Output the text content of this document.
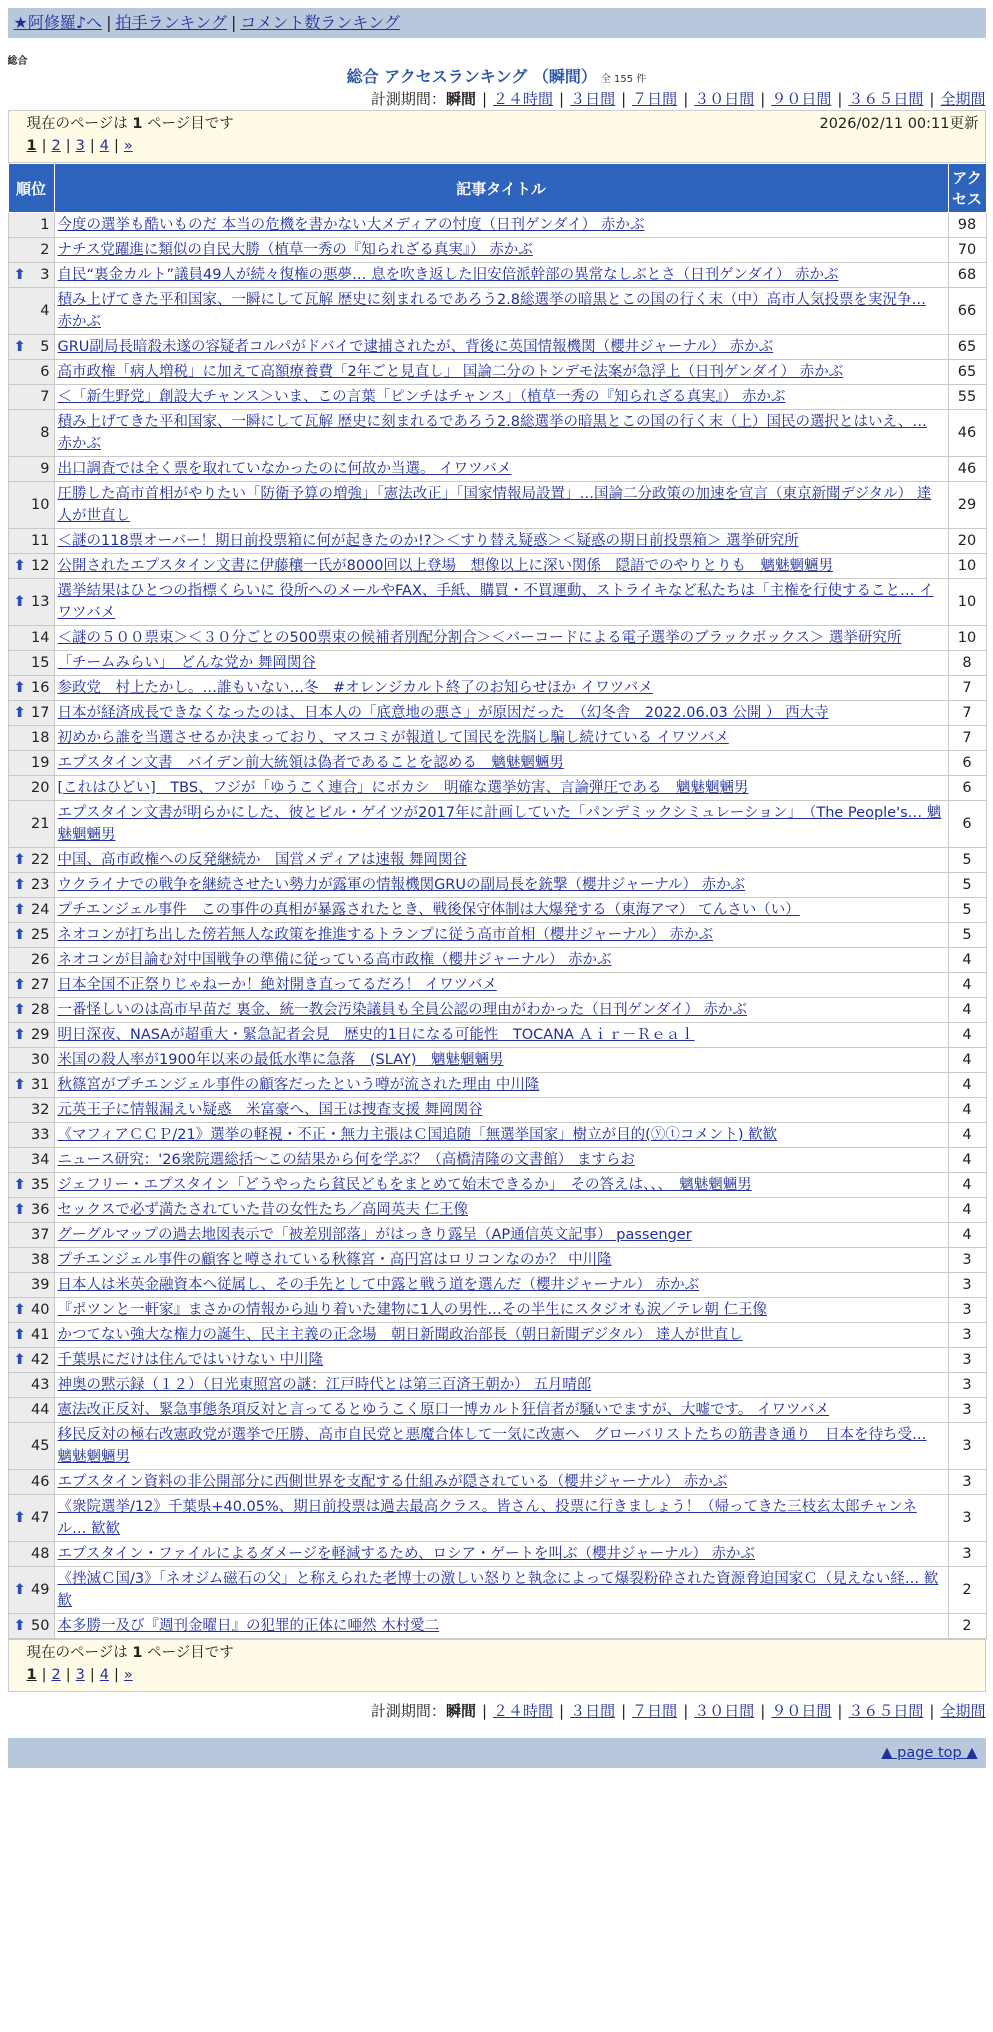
★阿修羅♪へ | 拍手ランキング | コメント数ランキング
総合
総合 アクセスランキング （瞬間） 全 155 件
計測期間：瞬間 | ２４時間 | ３日間 | ７日間 | ３０日間 | ９０日間 | ３６５日間 | 全期間
現在のページは 1 ページ目です	2026/02/11 00:11更新
1 | 2 | 3 | 4 | »
順位	記事タイトル	アクセス
1	今度の選挙も酷いものだ 本当の危機を書かない大メディアの忖度（日刊ゲンダイ） 赤かぶ	98
2	ナチス党躍進に類似の自民大勝（植草一秀の『知られざる真実』） 赤かぶ	70

⬆ 3	自民“裏金カルト”議員49人が続々復権の悪夢… 息を吹き返した旧安倍派幹部の異常なしぶとさ（日刊ゲンダイ） 赤かぶ	68
4	積み上げてきた平和国家、一瞬にして瓦解 歴史に刻まれるであろう2.8総選挙の暗黒とこの国の行く末（中）高市人気投票を実況争… 赤かぶ	66

⬆ 5	GRU副局長暗殺未遂の容疑者コルパがドバイで逮捕されたが、背後に英国情報機関（櫻井ジャーナル） 赤かぶ	65
6	高市政権「病人増税」に加えて高額療養費「2年ごと見直し」 国論二分のトンデモ法案が急浮上（日刊ゲンダイ） 赤かぶ	65
7	＜「新生野党」創設大チャンス＞いま、この言葉「ピンチはチャンス」（植草一秀の『知られざる真実』） 赤かぶ	55
8	積み上げてきた平和国家、一瞬にして瓦解 歴史に刻まれるであろう2.8総選挙の暗黒とこの国の行く末（上）国民の選択とはいえ、… 赤かぶ	46
9	出口調査では全く票を取れていなかったのに何故か当選。 イワツバメ	46
10	圧勝した高市首相がやりたい「防衛予算の増強」「憲法改正」「国家情報局設置」…国論二分政策の加速を宣言（東京新聞デジタル） 達人が世直し	29
11	＜謎の118票オーバー！期日前投票箱に何が起きたのか!?＞＜すり替え疑惑＞＜疑惑の期日前投票箱＞ 選挙研究所	20

⬆ 12	公開されたエプスタイン文書に伊藤穰一氏が8000回以上登場　想像以上に深い関係　隠語でのやりとりも　魑魅魍魎男	10

⬆ 13	選挙結果はひとつの指標くらいに 役所へのメールやFAX、手紙、購買・不買運動、ストライキなど私たちは「主権を行使すること… イワツバメ	10
14	＜謎の５００票束＞＜３０分ごとの500票束の候補者別配分割合＞＜バーコードによる電子選挙のブラックボックス＞ 選挙研究所	10
15	「チームみらい」　どんな党か 舞岡関谷	8

⬆ 16	参政党　村上たかし。…誰もいない…冬　#オレンジカルト終了のお知らせほか イワツバメ	7

⬆ 17	日本が経済成長できなくなったのは、日本人の「底意地の悪さ」が原因だった　（幻冬舎　2022.06.03 公開 ） 西大寺	7
18	初めから誰を当選させるか決まっており、マスコミが報道して国民を洗脳し騙し続けている イワツバメ	7
19	エプスタイン文書　バイデン前大統領は偽者であることを認める　魑魅魍魎男	6
20	[これはひどい]　TBS、フジが「ゆうこく連合」にボカシ　明確な選挙妨害、言論弾圧である　魑魅魍魎男	6
21	エプスタイン文書が明らかにした、彼とビル・ゲイツが2017年に計画していた「パンデミックシミュレーション」　（The People's… 魑魅魍魎男	6

⬆ 22	中国、高市政権への反発継続か　国営メディアは速報 舞岡関谷	5

⬆ 23	ウクライナでの戦争を継続させたい勢力が露軍の情報機関GRUの副局長を銃撃（櫻井ジャーナル） 赤かぶ	5

⬆ 24	プチエンジェル事件　この事件の真相が暴露されたとき、戦後保守体制は大爆発する（東海アマ） てんさい（い）	5

⬆ 25	ネオコンが打ち出した傍若無人な政策を推進するトランプに従う高市首相（櫻井ジャーナル） 赤かぶ	5
26	ネオコンが目論む対中国戦争の準備に従っている高市政権（櫻井ジャーナル） 赤かぶ	4

⬆ 27	日本全国不正祭りじゃねーか！絶対開き直ってるだろ！ イワツバメ	4

⬆ 28	一番怪しいのは高市早苗だ 裏金、統一教会汚染議員も全員公認の理由がわかった（日刊ゲンダイ） 赤かぶ	4

⬆ 29	明日深夜、NASAが超重大・緊急記者会見　歴史的1日になる可能性　TOCANA Ａｉｒ－Ｒｅａｌ	4
30	米国の殺人率が1900年以来の最低水準に急落　(SLAY)　魑魅魍魎男	4

⬆ 31	秋篠宮がプチエンジェル事件の顧客だったという噂が流された理由 中川隆	4
32	元英王子に情報漏えい疑惑　米富豪へ、国王は捜査支援 舞岡関谷	4
33	《マフィアＣＣＰ/21》選挙の軽視・不正・無力主張はＣ国追随「無選挙国家」樹立が目的(ⓨⓣコメント) 歓歓	4
34	ニュース研究：'26衆院選総括～この結果から何を学ぶ？（高橋清隆の文書館） ますらお	4

⬆ 35	ジェフリー・エプスタイン「どうやったら貧民どもをまとめて始末できるか」　その答えは、、、　魑魅魍魎男	4

⬆ 36	セックスで必ず満たされていた昔の女性たち／高岡英夫 仁王像	4
37	グーグルマップの過去地図表示で「被差別部落」がはっきり露呈（AP通信英文記事） passenger	4
38	プチエンジェル事件の顧客と噂されている秋篠宮・高円宮はロリコンなのか？ 中川隆	3
39	日本人は米英金融資本へ従属し、その手先として中露と戦う道を選んだ（櫻井ジャーナル） 赤かぶ	3

⬆ 40	『ポツンと一軒家』まさかの情報から辿り着いた建物に1人の男性…その半生にスタジオも涙／テレ朝 仁王像	3

⬆ 41	かつてない強大な権力の誕生、民主主義の正念場　朝日新聞政治部長（朝日新聞デジタル） 達人が世直し	3

⬆ 42	千葉県にだけは住んではいけない 中川隆	3
43	神奥の黙示録（１２）（日光東照宮の謎：江戸時代とは第三百済王朝か） 五月晴郎	3
44	憲法改正反対、緊急事態条項反対と言ってるとゆうこく原口一博カルト狂信者が騒いでますが、大嘘です。 イワツバメ	3
45	移民反対の極右改憲政党が選挙で圧勝、高市自民党と悪魔合体して一気に改憲へ　グローバリストたちの筋書き通り　日本を待ち受… 魑魅魍魎男	3
46	エプスタイン資料の非公開部分に西側世界を支配する仕組みが隠されている（櫻井ジャーナル） 赤かぶ	3

⬆ 47	《衆院選挙/12》千葉県+40.05%、期日前投票は過去最高クラス。皆さん、投票に行きましょう！（帰ってきた三枝玄太郎チャンネル… 歓歓	3
48	エプスタイン・ファイルによるダメージを軽減するため、ロシア・ゲートを叫ぶ（櫻井ジャーナル） 赤かぶ	3

⬆ 49	《挫滅Ｃ国/3》「ネオジム磁石の父」と称えられた老博士の激しい怒りと執念によって爆裂粉砕された資源脅迫国家Ｃ（見えない経… 歓歓	2

⬆ 50	本多勝一及び『週刊金曜日』の犯罪的正体に唖然 木村愛二	2
現在のページは 1 ページ目です
1 | 2 | 3 | 4 | »
計測期間：瞬間 | ２４時間 | ３日間 | ７日間 | ３０日間 | ９０日間 | ３６５日間 | 全期間
▲ page top ▲
